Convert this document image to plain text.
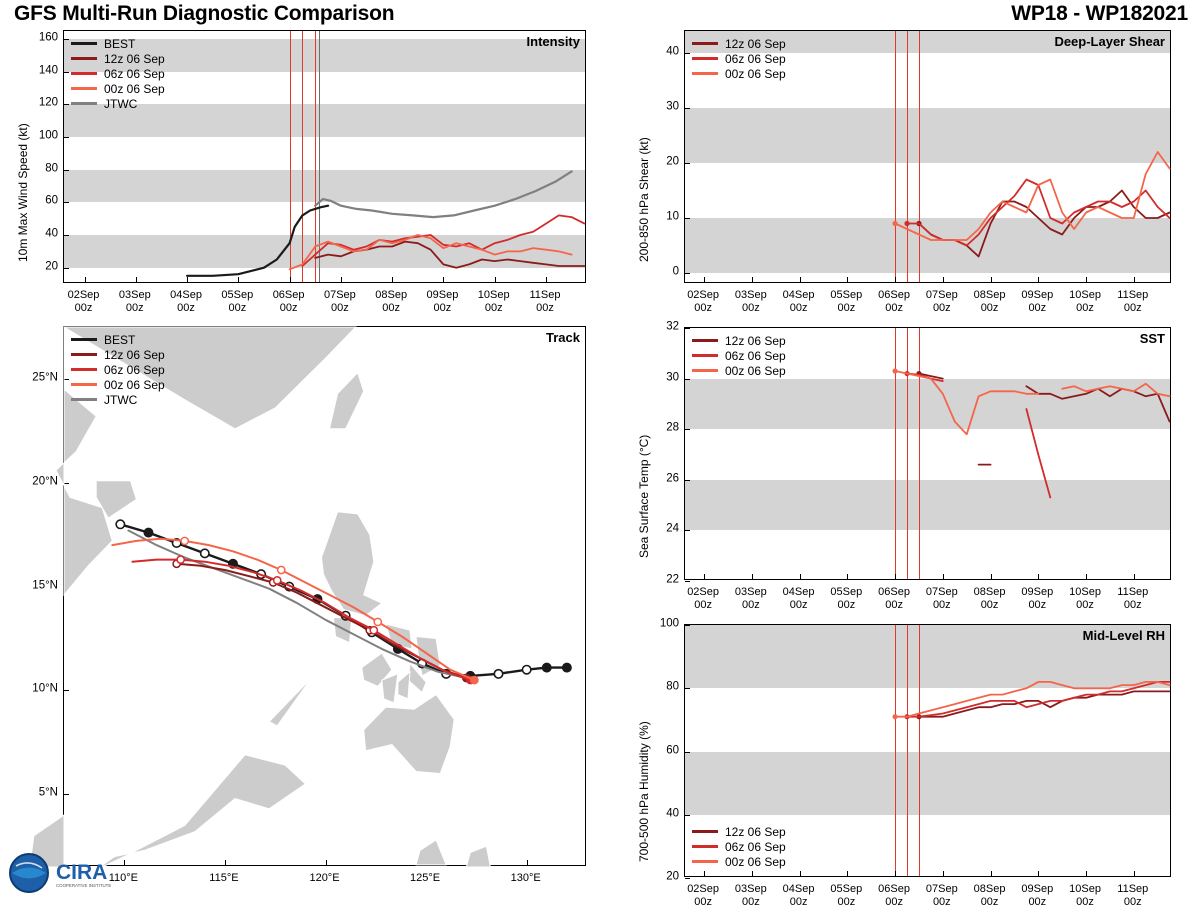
GFS Multi-Run Diagnostic Comparison	WP18 - WP182021
Intensity
BEST
12z 06 Sep
06z 06 Sep
00z 06 Sep
JTWC
20
40
60
80
100
120
140
160
02Sep
00z
03Sep
00z
04Sep
00z
05Sep
00z
06Sep
00z
07Sep
00z
08Sep
00z
09Sep
00z
10Sep
00z
11Sep
00z
10m Max Wind Speed (kt)
Track
BEST
12z 06 Sep
06z 06 Sep
00z 06 Sep
JTWC
110°E	115°E	120°E	125°E	130°E
5°N
10°N
15°N
20°N
25°N
Deep-Layer Shear
12z 06 Sep
06z 06 Sep
00z 06 Sep
0
10
20
30
40
02Sep
00z
03Sep
00z
04Sep
00z
05Sep
00z
06Sep
00z
07Sep
00z
08Sep
00z
09Sep
00z
10Sep
00z
11Sep
00z
200-850 hPa Shear (kt)
SST
12z 06 Sep
06z 06 Sep
00z 06 Sep
22
24
26
28
30
32
02Sep
00z
03Sep
00z
04Sep
00z
05Sep
00z
06Sep
00z
07Sep
00z
08Sep
00z
09Sep
00z
10Sep
00z
11Sep
00z
Sea Surface Temp (°C)
Mid-Level RH
12z 06 Sep
06z 06 Sep
00z 06 Sep
20
40
60
80
100
02Sep
00z
03Sep
00z
04Sep
00z
05Sep
00z
06Sep
00z
07Sep
00z
08Sep
00z
09Sep
00z
10Sep
00z
11Sep
00z
700-500 hPa Humidity (%)
CIRA
COOPERATIVE INSTITUTE
